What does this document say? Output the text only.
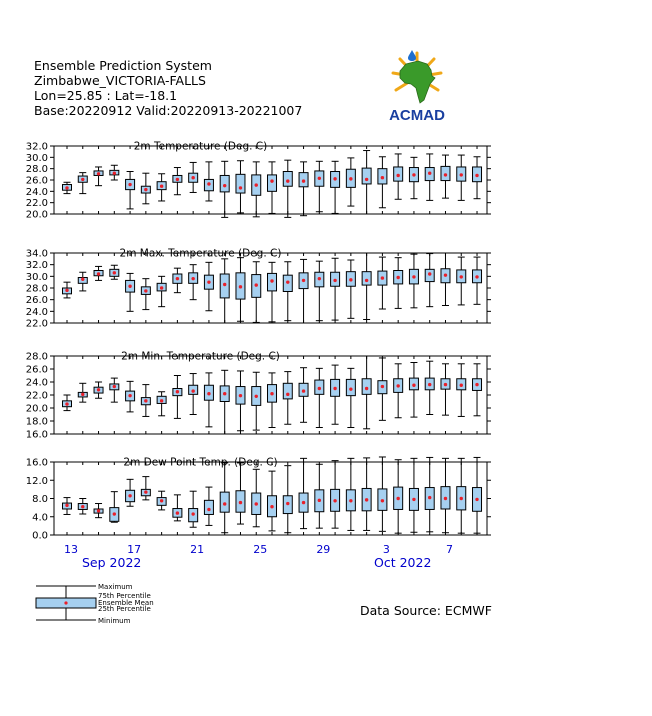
Ensemble Prediction System
Zimbabwe_VICTORIA-FALLS
Lon=25.85 : Lat=-18.1
Base:20220912 Valid:20220913-20221007	ACMAD
2m Temperature (Deg. C)
20.0
22.0
24.0
26.0
28.0
30.0
32.0
2m Max. Temperature (Deg. C)
22.0
24.0
26.0
28.0
30.0
32.0
34.0
2m Min. Temperature (Deg. C)
16.0
18.0
20.0
22.0
24.0
26.0
28.0
2m Dew Point Temp. (Deg. C)
0.0
4.0
8.0
12.0
16.0
13	17	21	25	29	3	7
Sep 2022	Oct 2022
Maximum
75th Percentile
Ensemble Mean
25th Percentile
Minimum
Data Source: ECMWF
